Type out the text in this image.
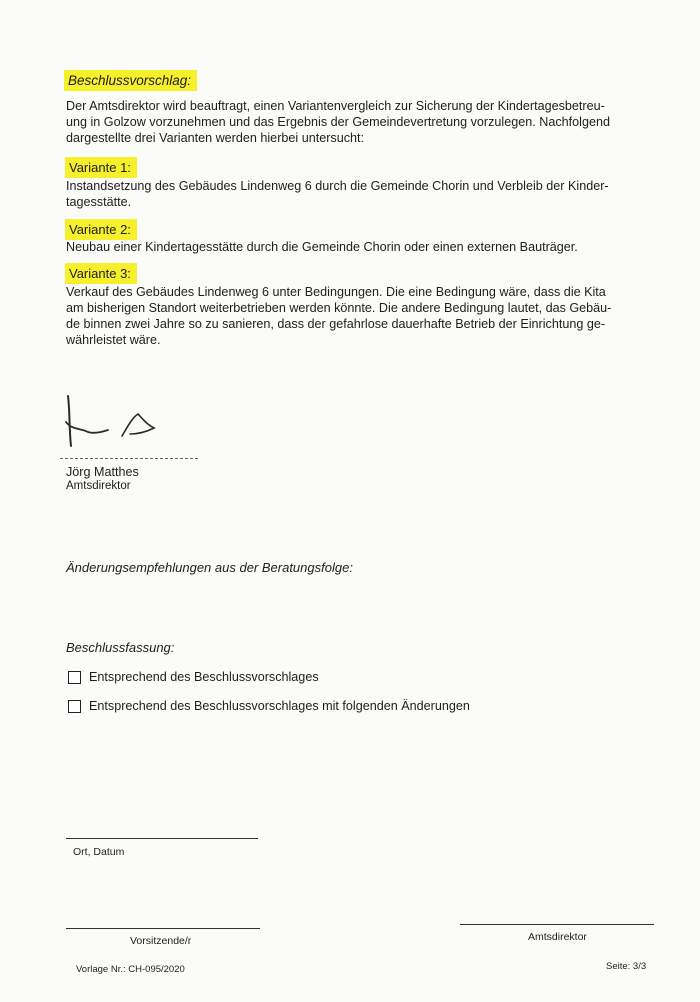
Beschlussvorschlag:
Der Amtsdirektor wird beauftragt, einen Variantenvergleich zur Sicherung der Kindertagesbetreu-
ung in Golzow vorzunehmen und das Ergebnis der Gemeindevertretung vorzulegen. Nachfolgend
dargestellte drei Varianten werden hierbei untersucht:
Variante 1:
Instandsetzung des Gebäudes Lindenweg 6 durch die Gemeinde Chorin und Verbleib der Kinder-
tagesstätte.
Variante 2:
Neubau einer Kindertagesstätte durch die Gemeinde Chorin oder einen externen Bauträger.
Variante 3:
Verkauf des Gebäudes Lindenweg 6 unter Bedingungen. Die eine Bedingung wäre, dass die Kita
am bisherigen Standort weiterbetrieben werden könnte. Die andere Bedingung lautet, das Gebäu-
de binnen zwei Jahre so zu sanieren, dass der gefahrlose dauerhafte Betrieb der Einrichtung ge-
währleistet wäre.
Jörg Matthes
Amtsdirektor
Änderungsempfehlungen aus der Beratungsfolge:
Beschlussfassung:
Entsprechend des Beschlussvorschlages
Entsprechend des Beschlussvorschlages mit folgenden Änderungen
Ort, Datum
Vorsitzende/r	Amtsdirektor
Vorlage Nr.: CH-095/2020	Seite: 3/3
